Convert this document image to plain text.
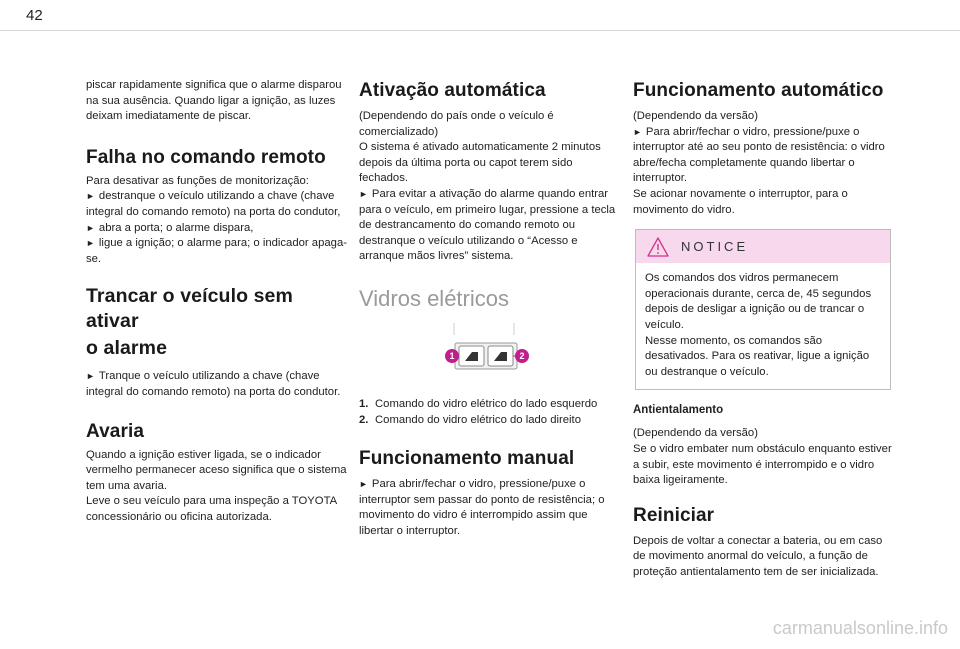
42

piscar rapidamente significa que o alarme disparou na sua ausência. Quando ligar a ignição, as luzes deixam imediatamente de piscar.

Falha no comando remoto

Para desativar as funções de monitorização:

► destranque o veículo utilizando a chave (chave integral do comando remoto) na porta do condutor,

► abra a porta; o alarme dispara,

► ligue a ignição; o alarme para; o indicador apaga-se.

Trancar o veículo sem ativar
o alarme

► Tranque o veículo utilizando a chave (chave integral do comando remoto) na porta do condutor.

Avaria

Quando a ignição estiver ligada, se o indicador vermelho permanecer aceso significa que o sistema tem uma avaria.

Leve o seu veículo para uma inspeção a TOYOTA concessionário ou oficina autorizada.

Ativação automática

(Dependendo do país onde o veículo é comercializado)

O sistema é ativado automaticamente 2 minutos depois da última porta ou capot terem sido fechados.

► Para evitar a ativação do alarme quando entrar para o veículo, em primeiro lugar, pressione a tecla de destrancamento do comando remoto ou destranque o veículo utilizando o “Acesso e arranque mãos livres” sistema.

Vidros elétricos
1	2
1. Comando do vidro elétrico do lado esquerdo
2. Comando do vidro elétrico do lado direito
Funcionamento manual

► Para abrir/fechar o vidro, pressione/puxe o interruptor sem passar do ponto de resistência; o movimento do vidro é interrompido assim que libertar o interruptor.

Funcionamento automático

(Dependendo da versão)

► Para abrir/fechar o vidro, pressione/puxe o interruptor até ao seu ponto de resistência: o vidro abre/fecha completamente quando libertar o interruptor.

Se acionar novamente o interruptor, para o movimento do vidro.

NOTICE

Os comandos dos vidros permanecem operacionais durante, cerca de, 45 segundos depois de desligar a ignição ou de trancar o veículo.

Nesse momento, os comandos são desativados. Para os reativar, ligue a ignição ou destranque o veículo.

Antientalamento

(Dependendo da versão)

Se o vidro embater num obstáculo enquanto estiver a subir, este movimento é interrompido e o vidro baixa ligeiramente.

Reiniciar

Depois de voltar a conectar a bateria, ou em caso de movimento anormal do veículo, a função de proteção antientalamento tem de ser inicializada.

carmanualsonline.info
